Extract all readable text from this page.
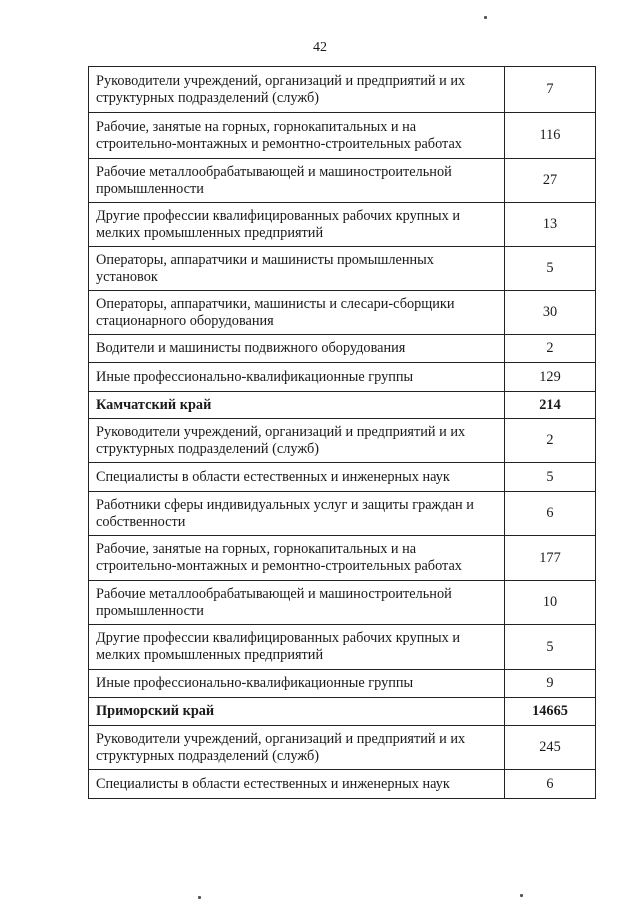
42
Руководители учреждений, организаций и предприятий и их структурных подразделений (служб)	7
Рабочие, занятые на горных, горнокапитальных и на строительно-монтажных и ремонтно-строительных работах	116
Рабочие металлообрабатывающей и машиностроительной промышленности	27
Другие профессии квалифицированных рабочих крупных и мелких промышленных предприятий	13
Операторы, аппаратчики и машинисты промышленных установок	5
Операторы, аппаратчики, машинисты и слесари-сборщики стационарного оборудования	30
Водители и машинисты подвижного оборудования	2
Иные профессионально-квалификационные группы	129
Камчатский край	214
Руководители учреждений, организаций и предприятий и их структурных подразделений (служб)	2
Специалисты в области естественных и инженерных наук	5
Работники сферы индивидуальных услуг и защиты граждан и собственности	6
Рабочие, занятые на горных, горнокапитальных и на строительно-монтажных и ремонтно-строительных работах	177
Рабочие металлообрабатывающей и машиностроительной промышленности	10
Другие профессии квалифицированных рабочих крупных и мелких промышленных предприятий	5
Иные профессионально-квалификационные группы	9
Приморский край	14665
Руководители учреждений, организаций и предприятий и их структурных подразделений (служб)	245
Специалисты в области естественных и инженерных наук	6
